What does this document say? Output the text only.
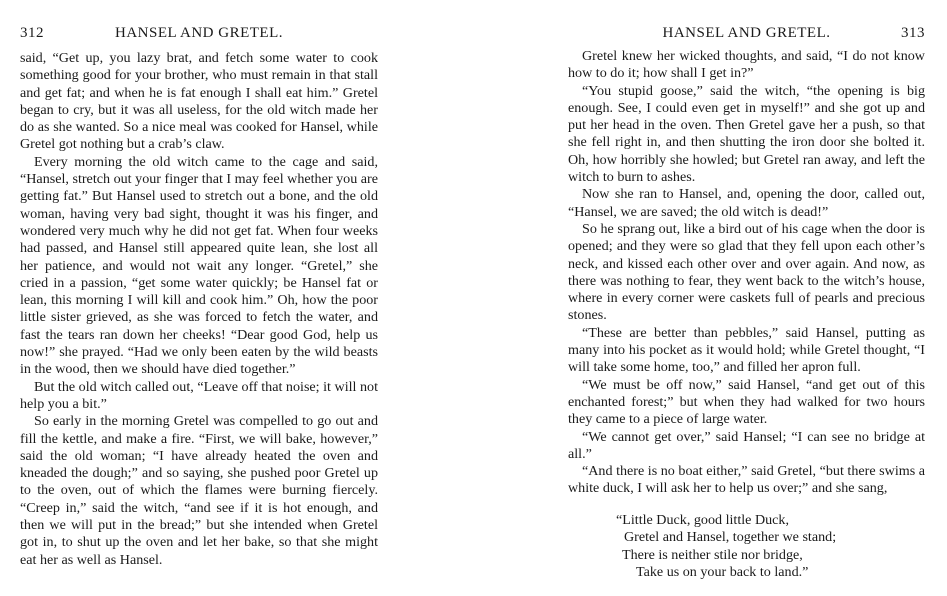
312	HANSEL AND GRETEL.

said, “Get up, you lazy brat, and fetch some water to cook something good for your brother, who must remain in that stall and get fat; and when he is fat enough I shall eat him.” Gretel began to cry, but it was all useless, for the old witch made her do as she wanted. So a nice meal was cooked for Hansel, while Gretel got nothing but a crab’s claw.

Every morning the old witch came to the cage and said, “Hansel, stretch out your finger that I may feel whether you are getting fat.” But Hansel used to stretch out a bone, and the old woman, having very bad sight, thought it was his finger, and wondered very much why he did not get fat. When four weeks had passed, and Hansel still appeared quite lean, she lost all her patience, and would not wait any longer. “Gretel,” she cried in a passion, “get some water quickly; be Hansel fat or lean, this morning I will kill and cook him.” Oh, how the poor little sister grieved, as she was forced to fetch the water, and fast the tears ran down her cheeks! “Dear good God, help us now!” she prayed. “Had we only been eaten by the wild beasts in the wood, then we should have died together.”

But the old witch called out, “Leave off that noise; it will not help you a bit.”

So early in the morning Gretel was compelled to go out and fill the kettle, and make a fire. “First, we will bake, however,” said the old woman; “I have already heated the oven and kneaded the dough;” and so saying, she pushed poor Gretel up to the oven, out of which the flames were burning fiercely. “Creep in,” said the witch, “and see if it is hot enough, and then we will put in the bread;” but she intended when Gretel got in, to shut up the oven and let her bake, so that she might eat her as well as Hansel.

HANSEL AND GRETEL.	313

Gretel knew her wicked thoughts, and said, “I do not know how to do it; how shall I get in?”

“You stupid goose,” said the witch, “the opening is big enough. See, I could even get in myself!” and she got up and put her head in the oven. Then Gretel gave her a push, so that she fell right in, and then shutting the iron door she bolted it. Oh, how horribly she howled; but Gretel ran away, and left the witch to burn to ashes.

Now she ran to Hansel, and, opening the door, called out, “Hansel, we are saved; the old witch is dead!”

So he sprang out, like a bird out of his cage when the door is opened; and they were so glad that they fell upon each other’s neck, and kissed each other over and over again. And now, as there was nothing to fear, they went back to the witch’s house, where in every corner were caskets full of pearls and precious stones.

“These are better than pebbles,” said Hansel, putting as many into his pocket as it would hold; while Gretel thought, “I will take some home, too,” and filled her apron full.

“We must be off now,” said Hansel, “and get out of this enchanted forest;” but when they had walked for two hours they came to a piece of large water.

“We cannot get over,” said Hansel; “I can see no bridge at all.”

“And there is no boat either,” said Gretel, “but there swims a white duck, I will ask her to help us over;” and she sang,

“Little Duck, good little Duck,
Gretel and Hansel, together we stand;
There is neither stile nor bridge,
Take us on your back to land.”
